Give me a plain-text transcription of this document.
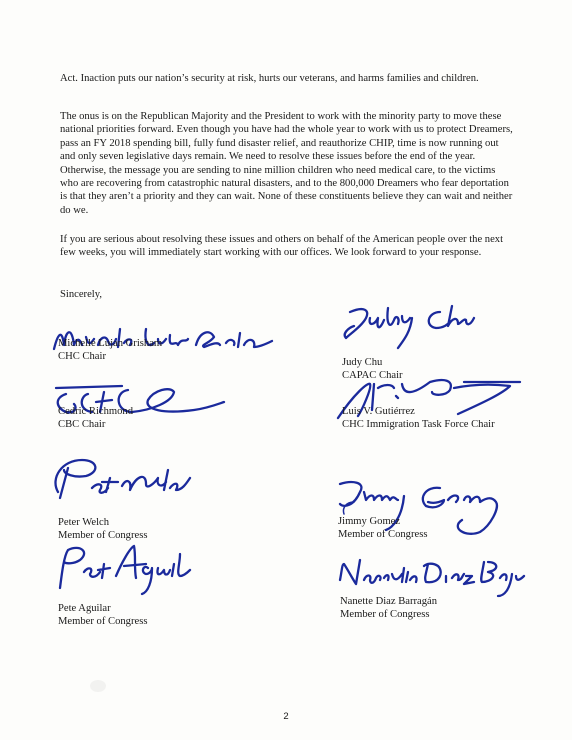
Act. Inaction puts our nation’s security at risk, hurts our veterans, and harms families and children.

The onus is on the Republican Majority and the President to work with the minority party to move these national priorities forward. Even though you have had the whole year to work with us to protect Dreamers, pass an FY 2018 spending bill, fully fund disaster relief, and reauthorize CHIP, time is now running out and only seven legislative days remain. We need to resolve these issues before the end of the year. Otherwise, the message you are sending to nine million children who need medical care, to the victims who are recovering from catastrophic natural disasters, and to the 800,000 Dreamers who fear deportation is that they aren’t a priority and they can wait. None of these constituents believe they can wait and neither do we.

If you are serious about resolving these issues and others on behalf of the American people over the next few weeks, you will immediately start working with our offices. We look forward to your response.

Sincerely,

Michelle Lujan Grisham
CHC Chair
Judy Chu
CAPAC Chair
Cedric Richmond
CBC Chair
Luis V. Gutiérrez
CHC Immigration Task Force Chair
Peter Welch
Member of Congress
Jimmy Gomez
Member of Congress
Pete Aguilar
Member of Congress
Nanette Diaz Barragán
Member of Congress
2
